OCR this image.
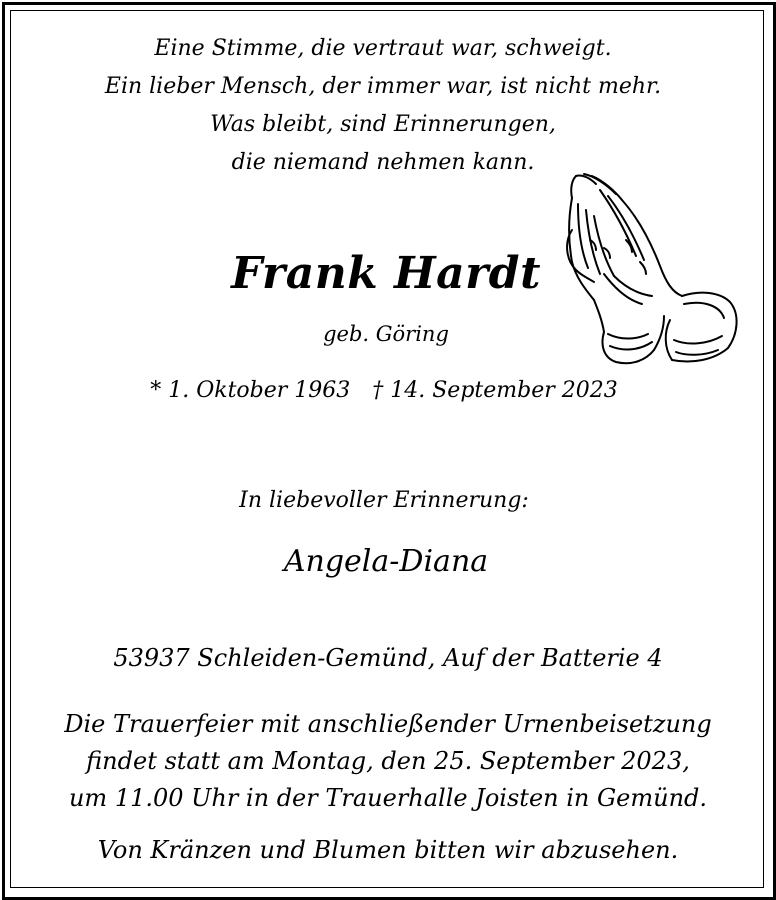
Eine Stimme, die vertraut war, schweigt.
Ein lieber Mensch, der immer war, ist nicht mehr.
Was bleibt, sind Erinnerungen,
die niemand nehmen kann.
Frank Hardt
geb. Göring
* 1. Oktober 1963 † 14. September 2023
In liebevoller Erinnerung:
Angela-Diana
53937 Schleiden-Gemünd, Auf der Batterie 4
Die Trauerfeier mit anschließender Urnenbeisetzung
findet statt am Montag, den 25. September 2023,
um 11.00 Uhr in der Trauerhalle Joisten in Gemünd.
Von Kränzen und Blumen bitten wir abzusehen.
